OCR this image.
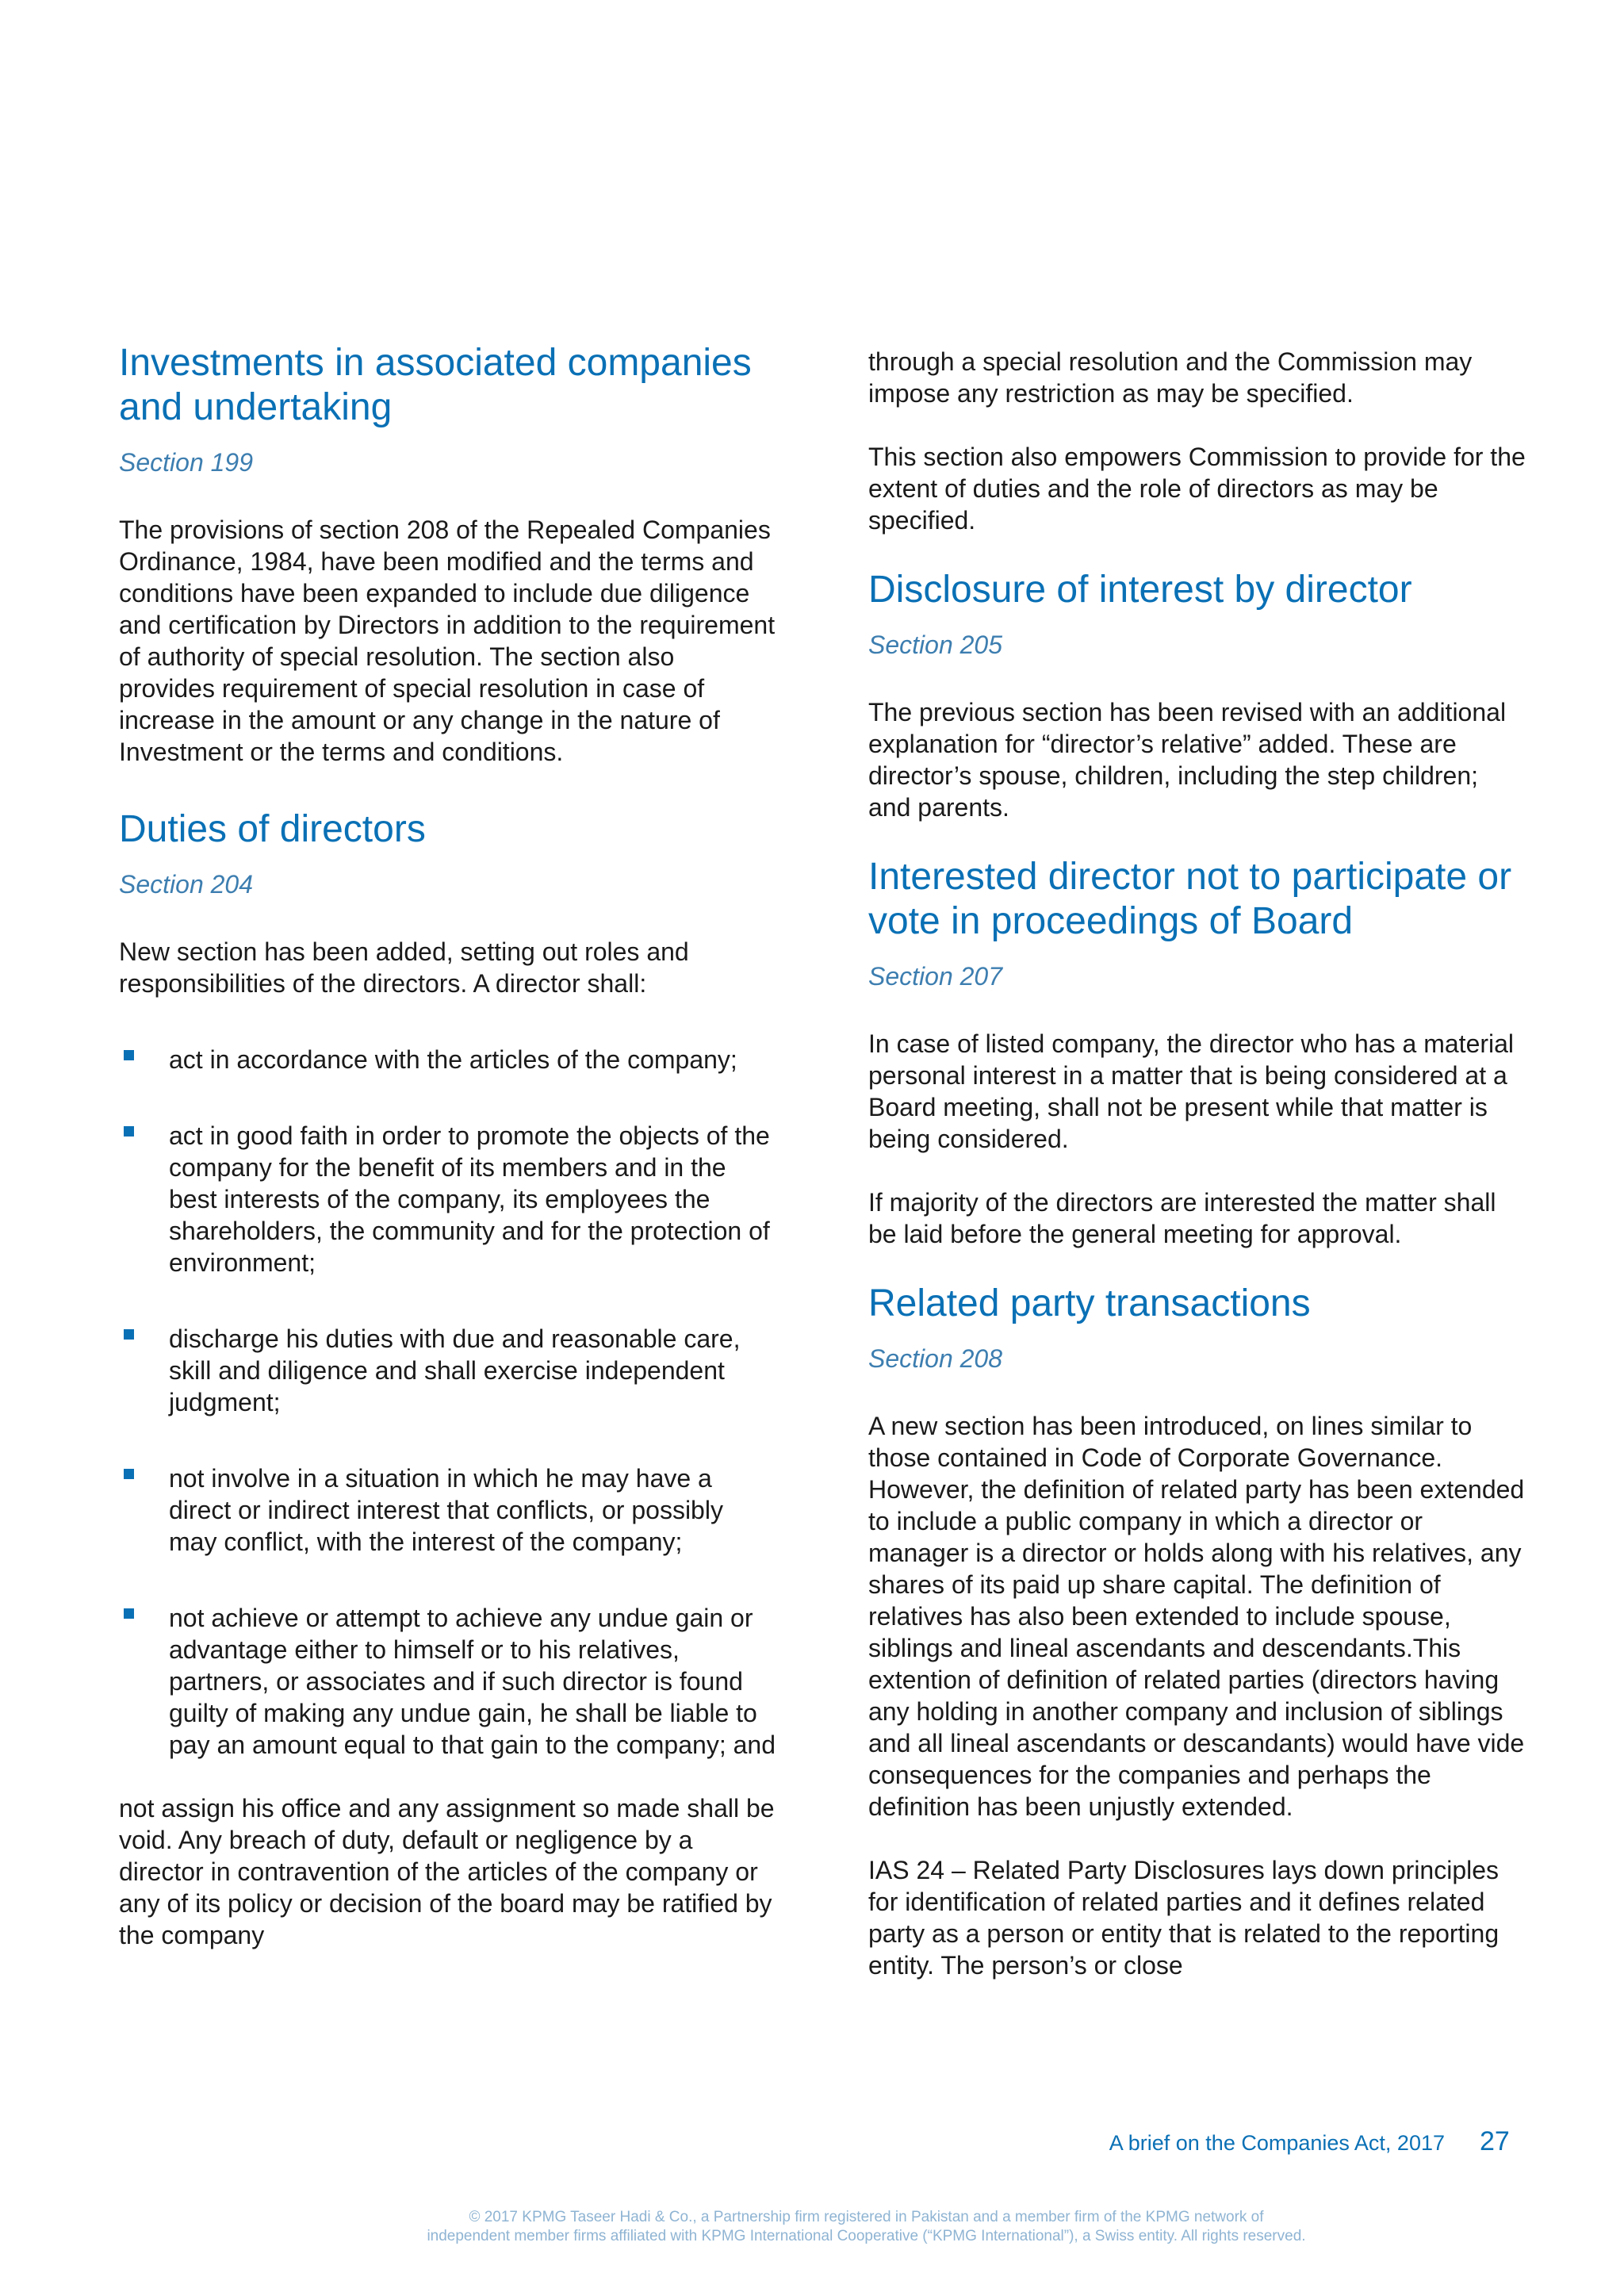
Investments in associated companies and undertaking
Section 199

The provisions of section 208 of the Repealed Companies Ordinance, 1984, have been modified and the terms and conditions have been expanded to include due diligence and certification by Directors in addition to the requirement of authority of special resolution. The section also provides requirement of special resolution in case of increase in the amount or any change in the nature of Investment or the terms and conditions.

Duties of directors
Section 204

New section has been added, setting out roles and responsibilities of the directors. A director shall:

act in accordance with the articles of the company;
act in good faith in order to promote the objects of the company for the benefit of its members and in the best interests of the company, its employees the shareholders, the community and for the protection of environment;
discharge his duties with due and reasonable care, skill and diligence and shall exercise independent judgment;
not involve in a situation in which he may have a direct or indirect interest that conflicts, or possibly may conflict, with the interest of the company;
not achieve or attempt to achieve any undue gain or advantage either to himself or to his relatives, partners, or associates and if such director is found guilty of making any undue gain, he shall be liable to pay an amount equal to that gain to the company; and

not assign his office and any assignment so made shall be void. Any breach of duty, default or negligence by a director in contravention of the articles of the company or any of its policy or decision of the board may be ratified by the company

through a special resolution and the Commission may impose any restriction as may be specified.

This section also empowers Commission to provide for the extent of duties and the role of directors as may be specified.

Disclosure of interest by director
Section 205

The previous section has been revised with an additional explanation for “director’s relative” added. These are director’s spouse, children, including the step children; and parents.

Interested director not to participate or vote in proceedings of Board
Section 207

In case of listed company, the director who has a material personal interest in a matter that is being considered at a Board meeting, shall not be present while that matter is being considered.

If majority of the directors are interested the matter shall be laid before the general meeting for approval.

Related party transactions
Section 208

A new section has been introduced, on lines similar to those contained in Code of Corporate Governance. However, the definition of related party has been extended to include a public company in which a director or manager is a director or holds along with his relatives, any shares of its paid up share capital. The definition of relatives has also been extended to include spouse, siblings and lineal ascendants and descendants.This extention of definition of related parties (directors having any holding in another company and inclusion of siblings and all lineal ascendants or descandants) would have vide consequences for the companies and perhaps the definition has been unjustly extended.

IAS 24 – Related Party Disclosures lays down principles for identification of related parties and it defines related party as a person or entity that is related to the reporting entity. The person’s or close

A brief on the Companies Act, 2017 27
© 2017 KPMG Taseer Hadi & Co., a Partnership firm registered in Pakistan and a member firm of the KPMG network of
independent member firms affiliated with KPMG International Cooperative (“KPMG International”), a Swiss entity. All rights reserved.
